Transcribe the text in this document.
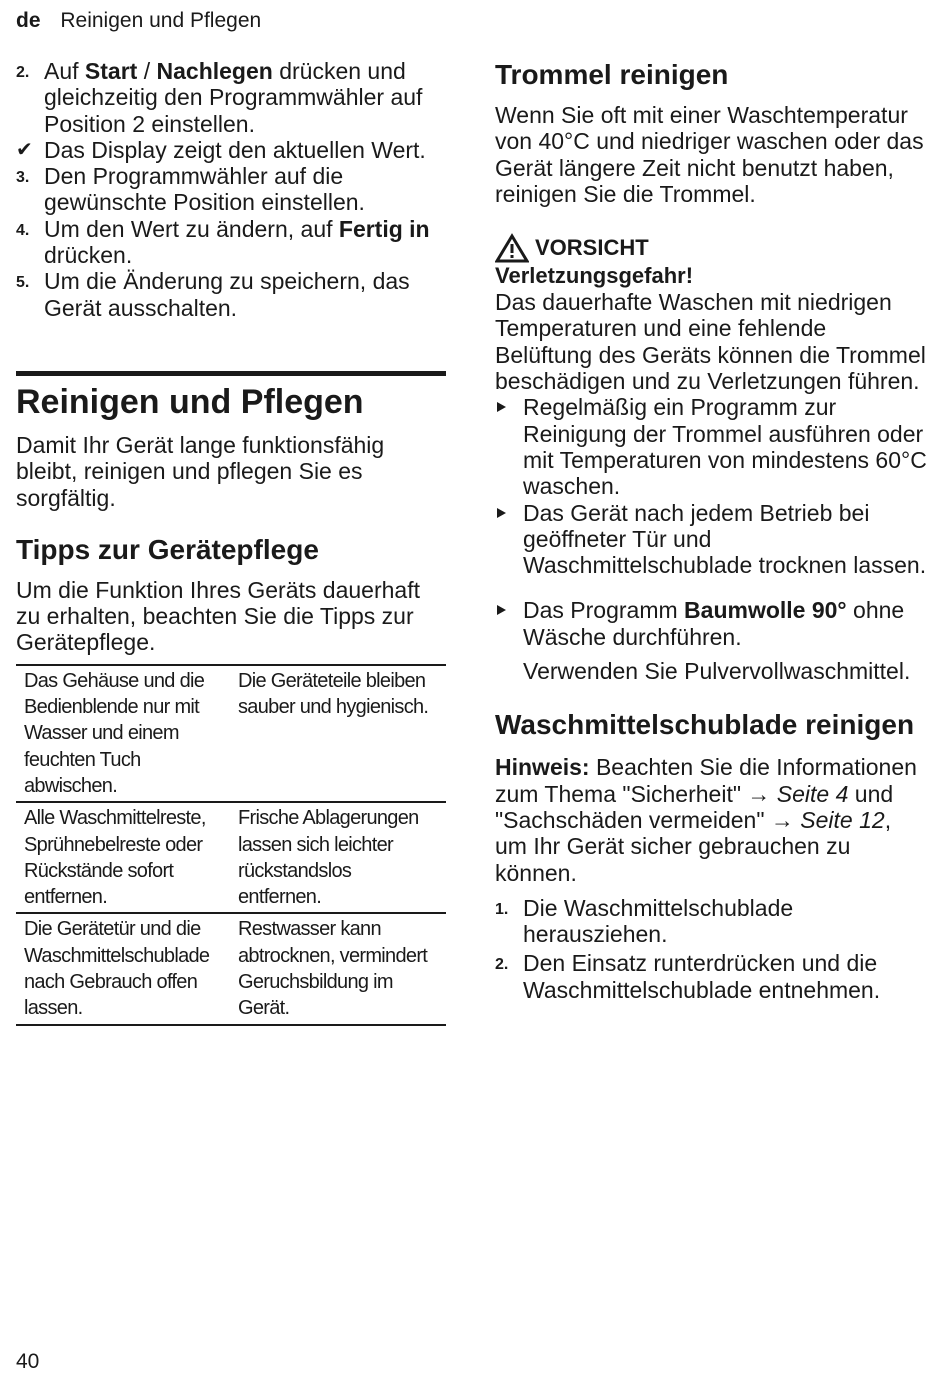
de Reinigen und Pflegen
2. Auf Start / Nachlegen drücken und gleichzeitig den Programmwähler auf Position 2 einstellen.
✔ Das Display zeigt den aktuellen Wert.
3. Den Programmwähler auf die gewünschte Position einstellen.
4. Um den Wert zu ändern, auf Fertig in drücken.
5. Um die Änderung zu speichern, das Gerät ausschalten.
Reinigen und Pflegen
Damit Ihr Gerät lange funktionsfähig bleibt, reinigen und pflegen Sie es sorgfältig.
Tipps zur Gerätepflege
Um die Funktion Ihres Geräts dauerhaft zu erhalten, beachten Sie die Tipps zur Gerätepflege.
Das Gehäuse und die Bedienblende nur mit Wasser und einem feuchten Tuch abwischen.	Die Geräteteile bleiben sauber und hygienisch.
Alle Waschmittelreste, Sprühnebelreste oder Rückstände sofort entfernen.	Frische Ablagerungen lassen sich leichter rückstandslos entfernen.
Die Gerätetür und die Waschmittelschublade nach Gebrauch offen lassen.	Restwasser kann abtrocknen, vermindert Geruchsbildung im Gerät.
Trommel reinigen
Wenn Sie oft mit einer Waschtemperatur von 40°C und niedriger waschen oder das Gerät längere Zeit nicht benutzt haben, reinigen Sie die Trommel.
VORSICHT
Verletzungsgefahr!
Das dauerhafte Waschen mit niedrigen Temperaturen und eine fehlende Belüftung des Geräts können die Trommel beschädigen und zu Verletzungen führen.
Regelmäßig ein Programm zur Reinigung der Trommel ausführen oder mit Temperaturen von mindestens 60°C waschen.
Das Gerät nach jedem Betrieb bei geöffneter Tür und Waschmittelschublade trocknen lassen.
Das Programm Baumwolle 90° ohne Wäsche durchführen.
Verwenden Sie Pulvervollwaschmittel.
Waschmittelschublade reinigen
Hinweis: Beachten Sie die Informationen zum Thema "Sicherheit" → Seite 4 und "Sachschäden vermeiden" → Seite 12, um Ihr Gerät sicher gebrauchen zu können.
1. Die Waschmittelschublade herausziehen.
2. Den Einsatz runterdrücken und die Waschmittelschublade entnehmen.
40
